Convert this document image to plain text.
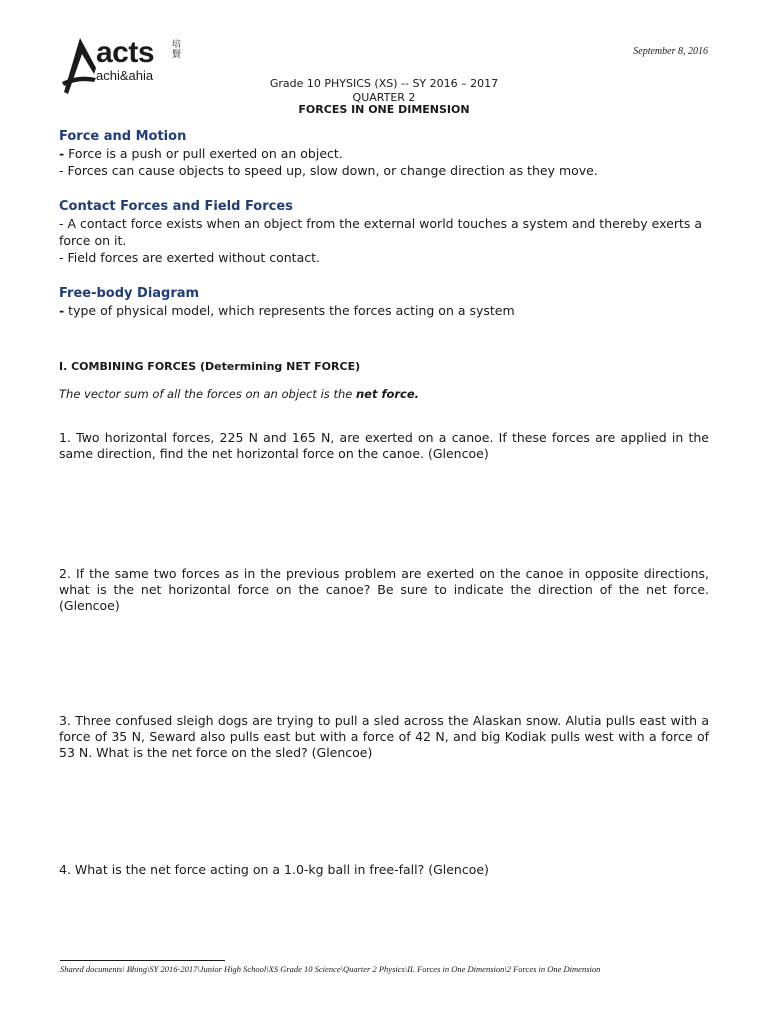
acts 培賢
achi&ahia
September 8, 2016
Grade 10 PHYSICS (XS) -- SY 2016 – 2017
QUARTER 2
FORCES IN ONE DIMENSION
Force and Motion
- Force is a push or pull exerted on an object.
- Forces can cause objects to speed up, slow down, or change direction as they move.
Contact Forces and Field Forces
- A contact force exists when an object from the external world touches a system and thereby exerts a force on it.
- Field forces are exerted without contact.
Free-body Diagram
- type of physical model, which represents the forces acting on a system
I. COMBINING FORCES (Determining NET FORCE)
The vector sum of all the forces on an object is the net force.
1. Two horizontal forces, 225 N and 165 N, are exerted on a canoe. If these forces are applied in the same direction, find the net horizontal force on the canoe. (Glencoe)
2. If the same two forces as in the previous problem are exerted on the canoe in opposite directions, what is the net horizontal force on the canoe? Be sure to indicate the direction of the net force. (Glencoe)
3. Three confused sleigh dogs are trying to pull a sled across the Alaskan snow. Alutia pulls east with a force of 35 N, Seward also pulls east but with a force of 42 N, and big Kodiak pulls west with a force of 53 N. What is the net force on the sled? (Glencoe)
4. What is the net force acting on a 1.0-kg ball in free-fall? (Glencoe)
Shared documents\ Bhing\SY 2016-2017\Junior High School\XS Grade 10 Science\Quarter 2 Physics\II. Forces in One Dimension\2 Forces in One Dimension
